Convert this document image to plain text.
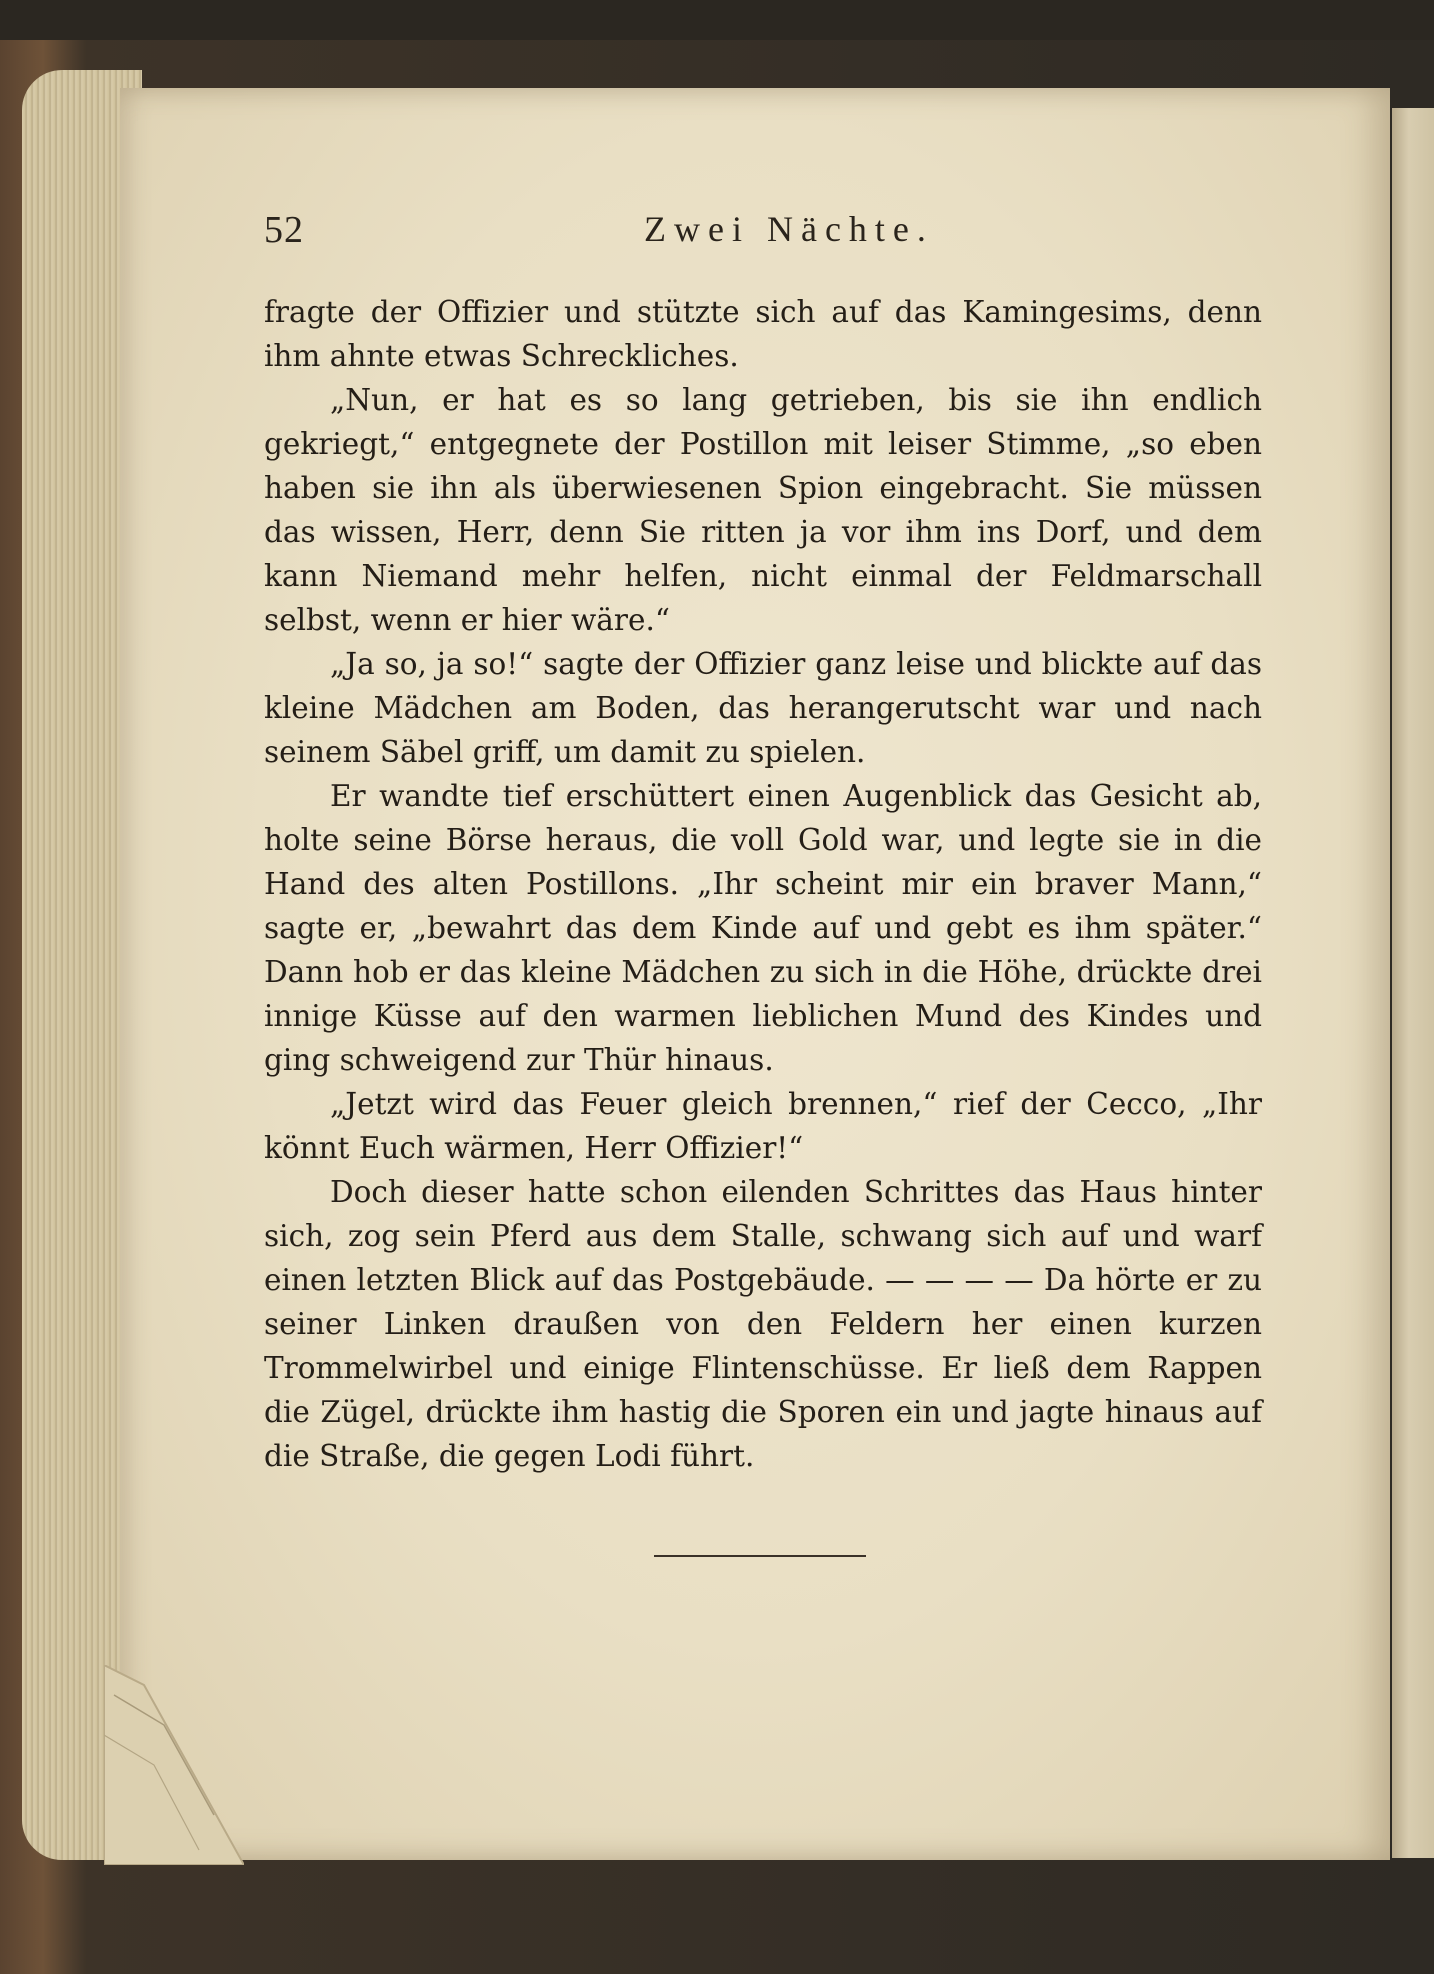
52	Zwei Nächte.

fragte der Offizier und stützte sich auf das Kamingesims, denn ihm ahnte etwas Schreckliches.

„Nun, er hat es so lang getrieben, bis sie ihn endlich gekriegt,“ entgegnete der Postillon mit leiser Stimme, „so eben haben sie ihn als überwiesenen Spion eingebracht. Sie müssen das wissen, Herr, denn Sie ritten ja vor ihm ins Dorf, und dem kann Niemand mehr helfen, nicht einmal der Feldmarschall selbst, wenn er hier wäre.“

„Ja so, ja so!“ sagte der Offizier ganz leise und blickte auf das kleine Mädchen am Boden, das herangerutscht war und nach seinem Säbel griff, um damit zu spielen.

Er wandte tief erschüttert einen Augenblick das Gesicht ab, holte seine Börse heraus, die voll Gold war, und legte sie in die Hand des alten Postillons. „Ihr scheint mir ein braver Mann,“ sagte er, „bewahrt das dem Kinde auf und gebt es ihm später.“ Dann hob er das kleine Mädchen zu sich in die Höhe, drückte drei innige Küsse auf den warmen lieblichen Mund des Kindes und ging schweigend zur Thür hinaus.

„Jetzt wird das Feuer gleich brennen,“ rief der Cecco, „Ihr könnt Euch wärmen, Herr Offizier!“

Doch dieser hatte schon eilenden Schrittes das Haus hinter sich, zog sein Pferd aus dem Stalle, schwang sich auf und warf einen letzten Blick auf das Postgebäude. — — — — Da hörte er zu seiner Linken draußen von den Feldern her einen kurzen Trommelwirbel und einige Flintenschüsse. Er ließ dem Rappen die Zügel, drückte ihm hastig die Sporen ein und jagte hinaus auf die Straße, die gegen Lodi führt.
